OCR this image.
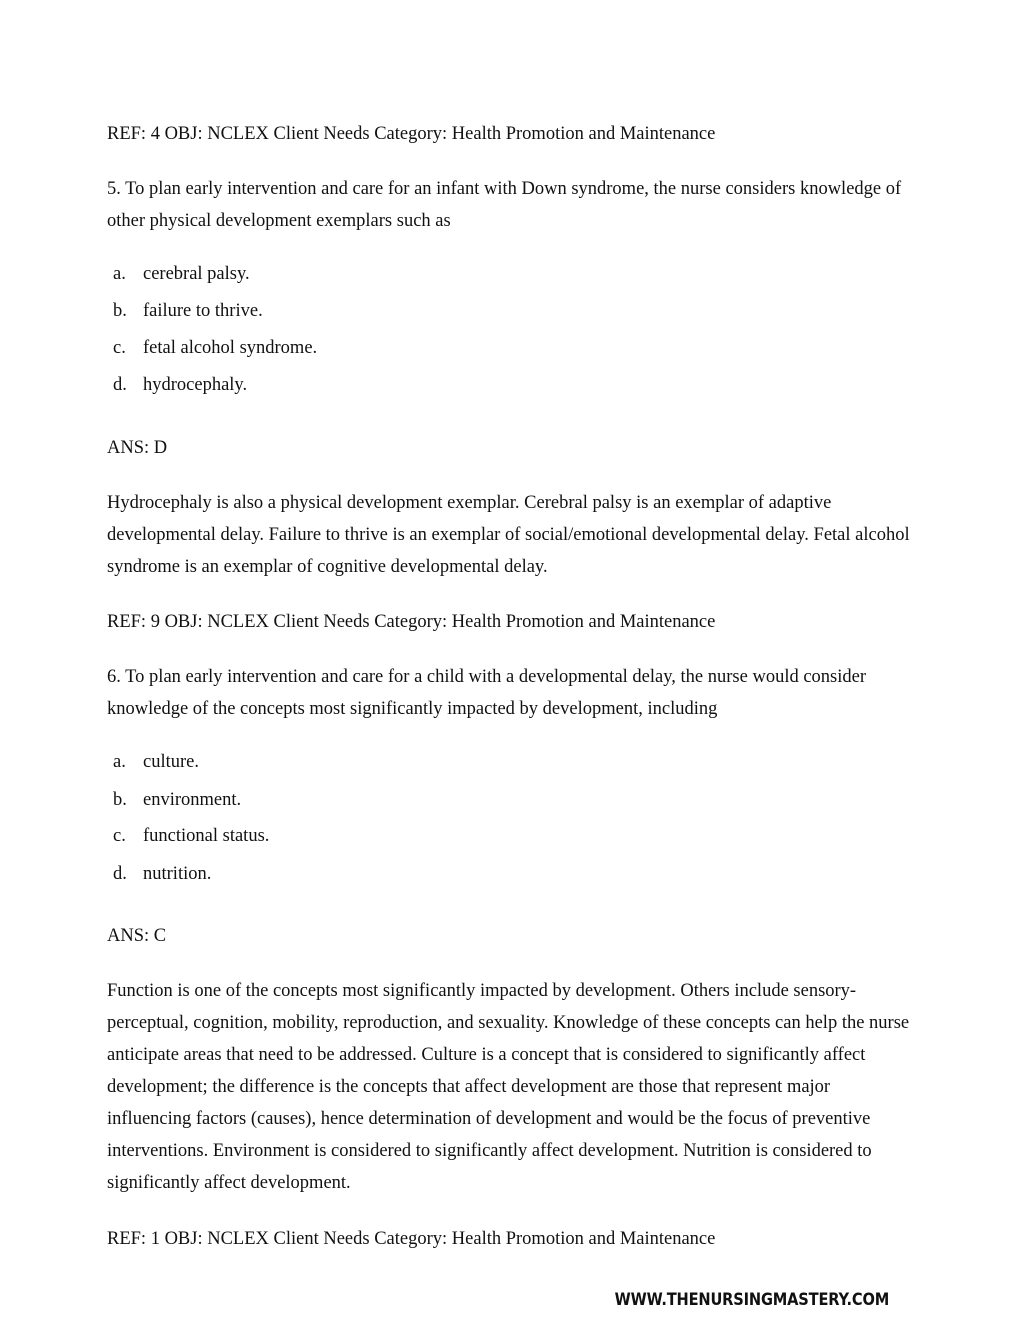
REF: 4 OBJ: NCLEX Client Needs Category: Health Promotion and Maintenance

5. To plan early intervention and care for an infant with Down syndrome, the nurse considers knowledge of other physical development exemplars such as

a. cerebral palsy.
b. failure to thrive.
c. fetal alcohol syndrome.
d. hydrocephaly.

ANS: D

Hydrocephaly is also a physical development exemplar. Cerebral palsy is an exemplar of adaptive developmental delay. Failure to thrive is an exemplar of social/emotional developmental delay. Fetal alcohol syndrome is an exemplar of cognitive developmental delay.

REF: 9 OBJ: NCLEX Client Needs Category: Health Promotion and Maintenance

6. To plan early intervention and care for a child with a developmental delay, the nurse would consider knowledge of the concepts most significantly impacted by development, including

a. culture.
b. environment.
c. functional status.
d. nutrition.

ANS: C

Function is one of the concepts most significantly impacted by development. Others include sensory-perceptual, cognition, mobility, reproduction, and sexuality. Knowledge of these concepts can help the nurse anticipate areas that need to be addressed. Culture is a concept that is considered to significantly affect development; the difference is the concepts that affect development are those that represent major influencing factors (causes), hence determination of development and would be the focus of preventive interventions. Environment is considered to significantly affect development. Nutrition is considered to significantly affect development.

REF: 1 OBJ: NCLEX Client Needs Category: Health Promotion and Maintenance

WWW.THENURSINGMASTERY.COM
